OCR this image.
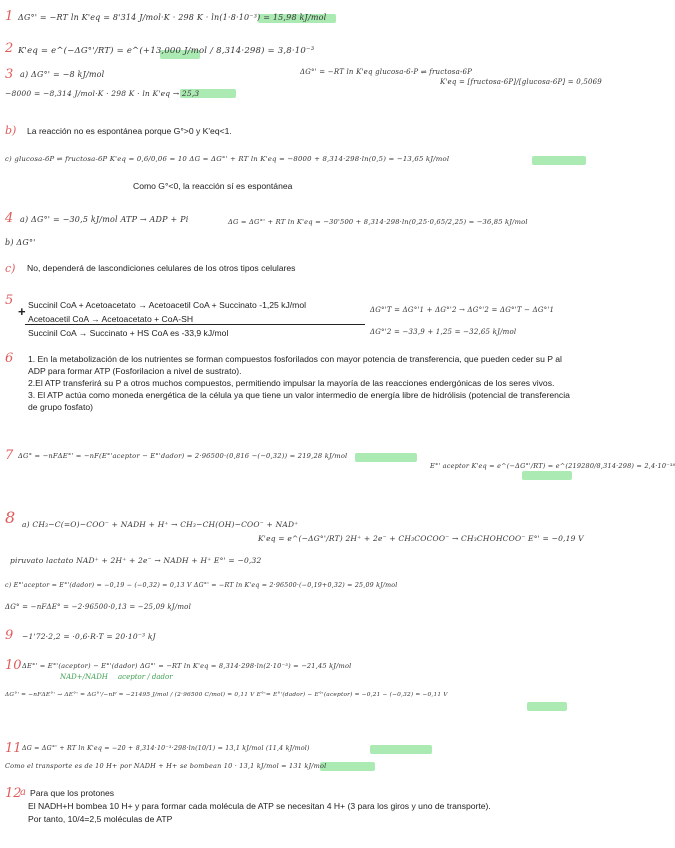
1 ΔG°' = −RT ln K'eq = 8'314 J/mol·K · 298 K · ln(1·8·10⁻³) = 15,98 kJ/mol
2 K'eq = e^(−ΔG°'/RT) = e^(+13,000 J/mol / 8,314·298) = 3,8·10⁻³
3 a) ΔG°' = −8 kJ/mol	ΔG°' = −RT ln K'eq glucosa-6-P ⇌ fructosa-6P
−8000 = −8,314 J/mol·K · 298 K · ln K'eq → 25,3
K'eq = [fructosa-6P]/[glucosa-6P] = 0,5069
b) La reacción no es espontánea porque G°>0 y K'eq<1.
c) glucosa-6P ⇌ fructosa-6P K'eq = 0,6/0,06 = 10 ΔG = ΔG°' + RT ln K'eq = −8000 + 8,314·298·ln(0,5) = −13,65 kJ/mol
Como G°<0, la reacción sí es espontánea
4 a) ΔG°' = −30,5 kJ/mol ATP → ADP + Pi	ΔG = ΔG°' + RT ln K'eq = −30'500 + 8,314·298·ln(0,25·0,65/2,25) = −36,85 kJ/mol
b) ΔG°'
c) No, dependerá de lascondiciones celulares de los otros tipos celulares
5 Succinil CoA + Acetoacetato → Acetoacetil CoA + Succinato -1,25 kJ/mol
+ Acetoacetil CoA → Acetoacetato + CoA-SH
Succinil CoA → Succinato + HS CoA es -33,9 kJ/mol
ΔG°'T = ΔG°'1 + ΔG°'2 → ΔG°'2 = ΔG°'T − ΔG°'1
ΔG°'2 = −33,9 + 1,25 = −32,65 kJ/mol
6 1. En la metabolización de los nutrientes se forman compuestos fosforilados con mayor potencia de transferencia, que pueden ceder su P al ADP para formar ATP (Fosforilacion a nivel de sustrato).
2.El ATP transferirá su P a otros muchos compuestos, permitiendo impulsar la mayoría de las reacciones endergónicas de los seres vivos.
3. El ATP actúa como moneda energética de la célula ya que tiene un valor intermedio de energía libre de hidrólisis (potencial de transferencia de grupo fosfato)
7 ΔG° = −nFΔE°' = −nF(E°'aceptor − E°'dador) = 2·96500·(0,816 −(−0,32)) = 219,28 kJ/mol
E°' aceptor K'eq = e^(−ΔG°'/RT) = e^(219280/8,314·298) = 2,4·10⁻³⁸
8 a) CH₃−C(=O)−COO⁻ + NADH + H⁺ → CH₃−CH(OH)−COO⁻ + NAD⁺
K'eq = e^(−ΔG°'/RT) 2H⁺ + 2e⁻ + CH₃COCOO⁻ → CH₃CHOHCOO⁻ E°' = −0,19 V
piruvato lactato NAD⁺ + 2H⁺ + 2e⁻ → NADH + H⁺ E°' = −0,32
c) E°'aceptor = E°'(dador) = −0,19 − (−0,32) = 0,13 V ΔG°' = −RT ln K'eq = 2·96500·(−0,19+0,32) = 25,09 kJ/mol
ΔG° = −nFΔE° = −2·96500·0,13 = −25,09 kJ/mol
9 −1'72·2,2 = ·0,6·R·T = 20·10⁻³ kJ
10 ΔE°' = E°'(aceptor) − E°'(dador) ΔG°' = −RT ln K'eq = 8,314·298·ln(2·10⁻³) = −21,45 kJ/mol
NAD+/NADH aceptor / dador
ΔG°' = −nFΔE°' → ΔE°' = ΔG°'/−nF = −21495 J/mol / (2·96500 C/mol) = 0,11 V E°'= E°'(dador) − E°'(aceptor) = −0,21 − (−0,32) = −0,11 V
11 ΔG = ΔG°' + RT ln K'eq = −20 + 8,314·10⁻³·298·ln(10/1) = 13,1 kJ/mol (11,4 kJ/mol)
Como el transporte es de 10 H+ por NADH + H+ se bombean 10 · 13,1 kJ/mol = 131 kJ/mol
12
a Para que los protones
El NADH+H bombea 10 H+ y para formar cada molécula de ATP se necesitan 4 H+ (3 para los giros y uno de transporte).
Por tanto, 10/4=2,5 moléculas de ATP
